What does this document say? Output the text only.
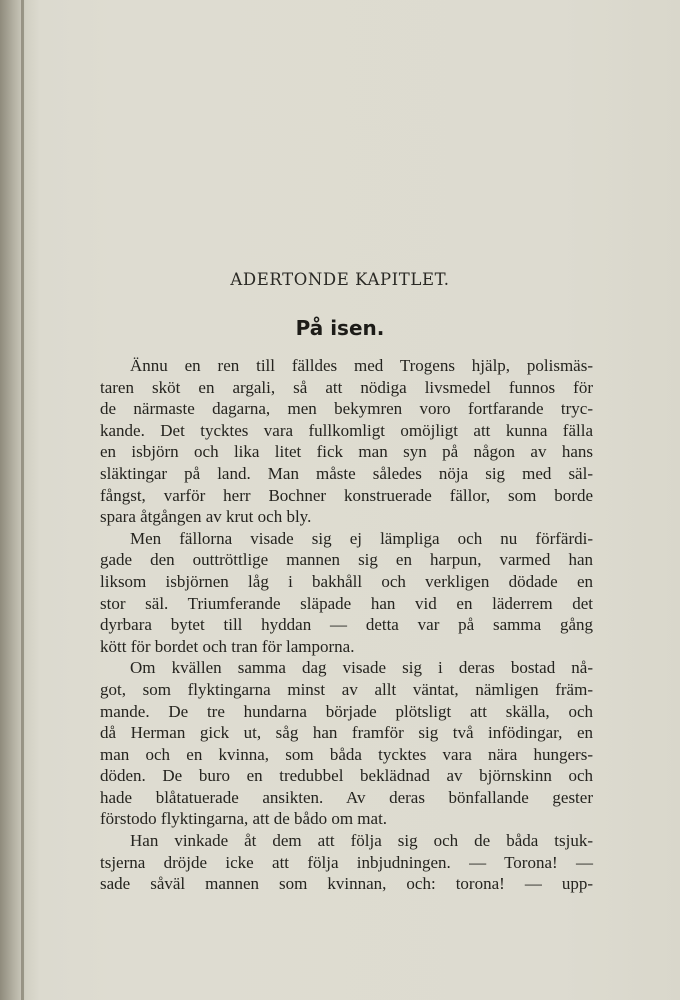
ADERTONDE KAPITLET.
På isen.
Ännu en ren till fälldes med Trogens hjälp, polismäs-
taren sköt en argali, så att nödiga livsmedel funnos för
de närmaste dagarna, men bekymren voro fortfarande tryc-
kande. Det tycktes vara fullkomligt omöjligt att kunna fälla
en isbjörn och lika litet fick man syn på någon av hans
släktingar på land. Man måste således nöja sig med säl-
fångst, varför herr Bochner konstruerade fällor, som borde
spara åtgången av krut och bly.
Men fällorna visade sig ej lämpliga och nu förfärdi-
gade den outtröttlige mannen sig en harpun, varmed han
liksom isbjörnen låg i bakhåll och verkligen dödade en
stor säl. Triumferande släpade han vid en läderrem det
dyrbara bytet till hyddan — detta var på samma gång
kött för bordet och tran för lamporna.
Om kvällen samma dag visade sig i deras bostad nå-
got, som flyktingarna minst av allt väntat, nämligen främ-
mande. De tre hundarna började plötsligt att skälla, och
då Herman gick ut, såg han framför sig två infödingar, en
man och en kvinna, som båda tycktes vara nära hungers-
döden. De buro en tredubbel beklädnad av björnskinn och
hade blåtatuerade ansikten. Av deras bönfallande gester
förstodo flyktingarna, att de bådo om mat.
Han vinkade åt dem att följa sig och de båda tsjuk-
tsjerna dröjde icke att följa inbjudningen. — Torona! —
sade såväl mannen som kvinnan, och: torona! — upp-
